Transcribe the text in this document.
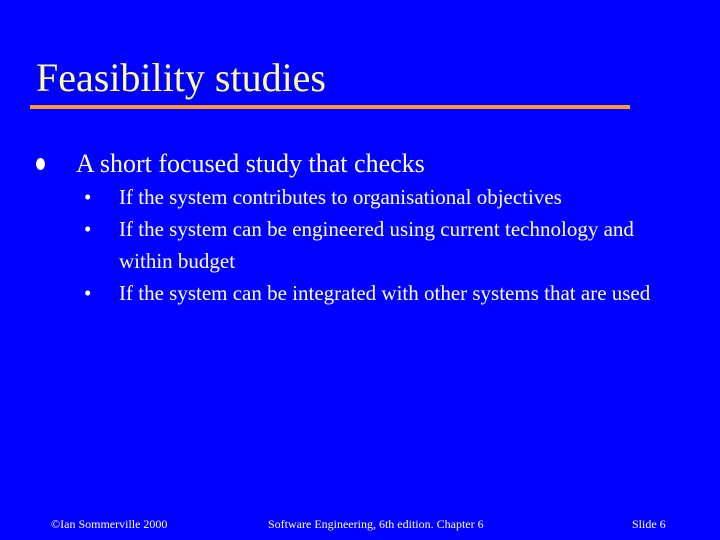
Feasibility studies
A short focused study that checks
• If the system contributes to organisational objectives
• If the system can be engineered using current technology and within budget
• If the system can be integrated with other systems that are used
©Ian Sommerville 2000	Software Engineering, 6th edition. Chapter 6	Slide 6
